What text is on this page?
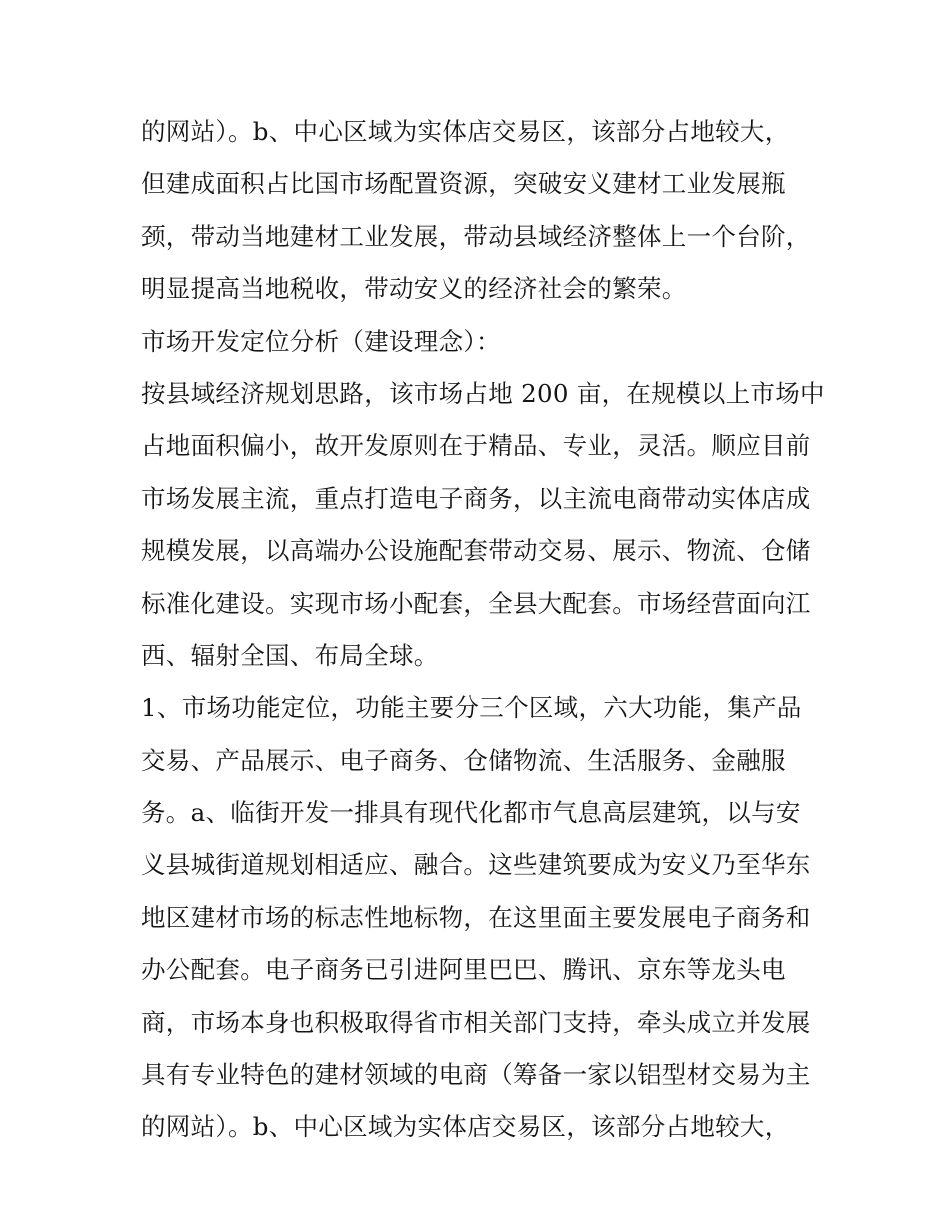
的网站）。b、中心区域为实体店交易区，该部分占地较大，
但建成面积占比国市场配置资源，突破安义建材工业发展瓶
颈，带动当地建材工业发展，带动县域经济整体上一个台阶，
明显提高当地税收，带动安义的经济社会的繁荣。
市场开发定位分析（建设理念）：
按县域经济规划思路，该市场占地 200 亩，在规模以上市场中
占地面积偏小，故开发原则在于精品、专业，灵活。顺应目前
市场发展主流，重点打造电子商务，以主流电商带动实体店成
规模发展，以高端办公设施配套带动交易、展示、物流、仓储
标准化建设。实现市场小配套，全县大配套。市场经营面向江
西、辐射全国、布局全球。
1、市场功能定位，功能主要分三个区域，六大功能，集产品
交易、产品展示、电子商务、仓储物流、生活服务、金融服
务。a、临街开发一排具有现代化都市气息高层建筑，以与安
义县城街道规划相适应、融合。这些建筑要成为安义乃至华东
地区建材市场的标志性地标物，在这里面主要发展电子商务和
办公配套。电子商务已引进阿里巴巴、腾讯、京东等龙头电
商，市场本身也积极取得省市相关部门支持，牵头成立并发展
具有专业特色的建材领域的电商（筹备一家以铝型材交易为主
的网站）。b、中心区域为实体店交易区，该部分占地较大，
